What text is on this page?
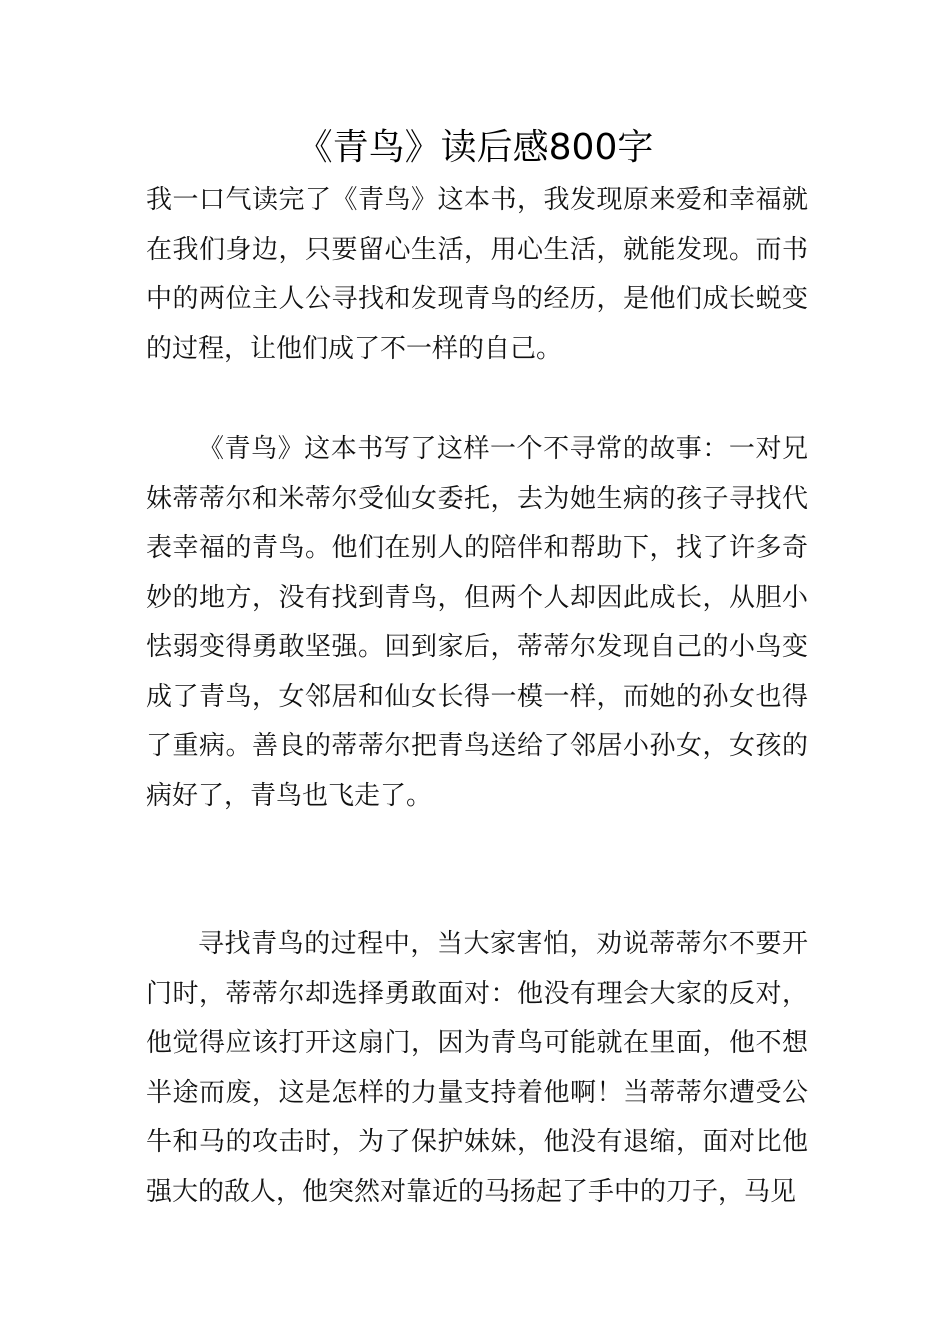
《青鸟》读后感800字

我一口气读完了《青鸟》这本书，我发现原来爱和幸福就在我们身边，只要留心生活，用心生活，就能发现。而书中的两位主人公寻找和发现青鸟的经历，是他们成长蜕变的过程，让他们成了不一样的自己。

《青鸟》这本书写了这样一个不寻常的故事：一对兄妹蒂蒂尔和米蒂尔受仙女委托，去为她生病的孩子寻找代表幸福的青鸟。他们在别人的陪伴和帮助下，找了许多奇妙的地方，没有找到青鸟，但两个人却因此成长，从胆小怯弱变得勇敢坚强。回到家后，蒂蒂尔发现自己的小鸟变成了青鸟，女邻居和仙女长得一模一样，而她的孙女也得了重病。善良的蒂蒂尔把青鸟送给了邻居小孙女，女孩的病好了，青鸟也飞走了。

寻找青鸟的过程中，当大家害怕，劝说蒂蒂尔不要开门时，蒂蒂尔却选择勇敢面对：他没有理会大家的反对，他觉得应该打开这扇门，因为青鸟可能就在里面，他不想半途而废，这是怎样的力量支持着他啊！当蒂蒂尔遭受公牛和马的攻击时，为了保护妹妹，他没有退缩，面对比他强大的敌人，他突然对靠近的马扬起了手中的刀子，马见
